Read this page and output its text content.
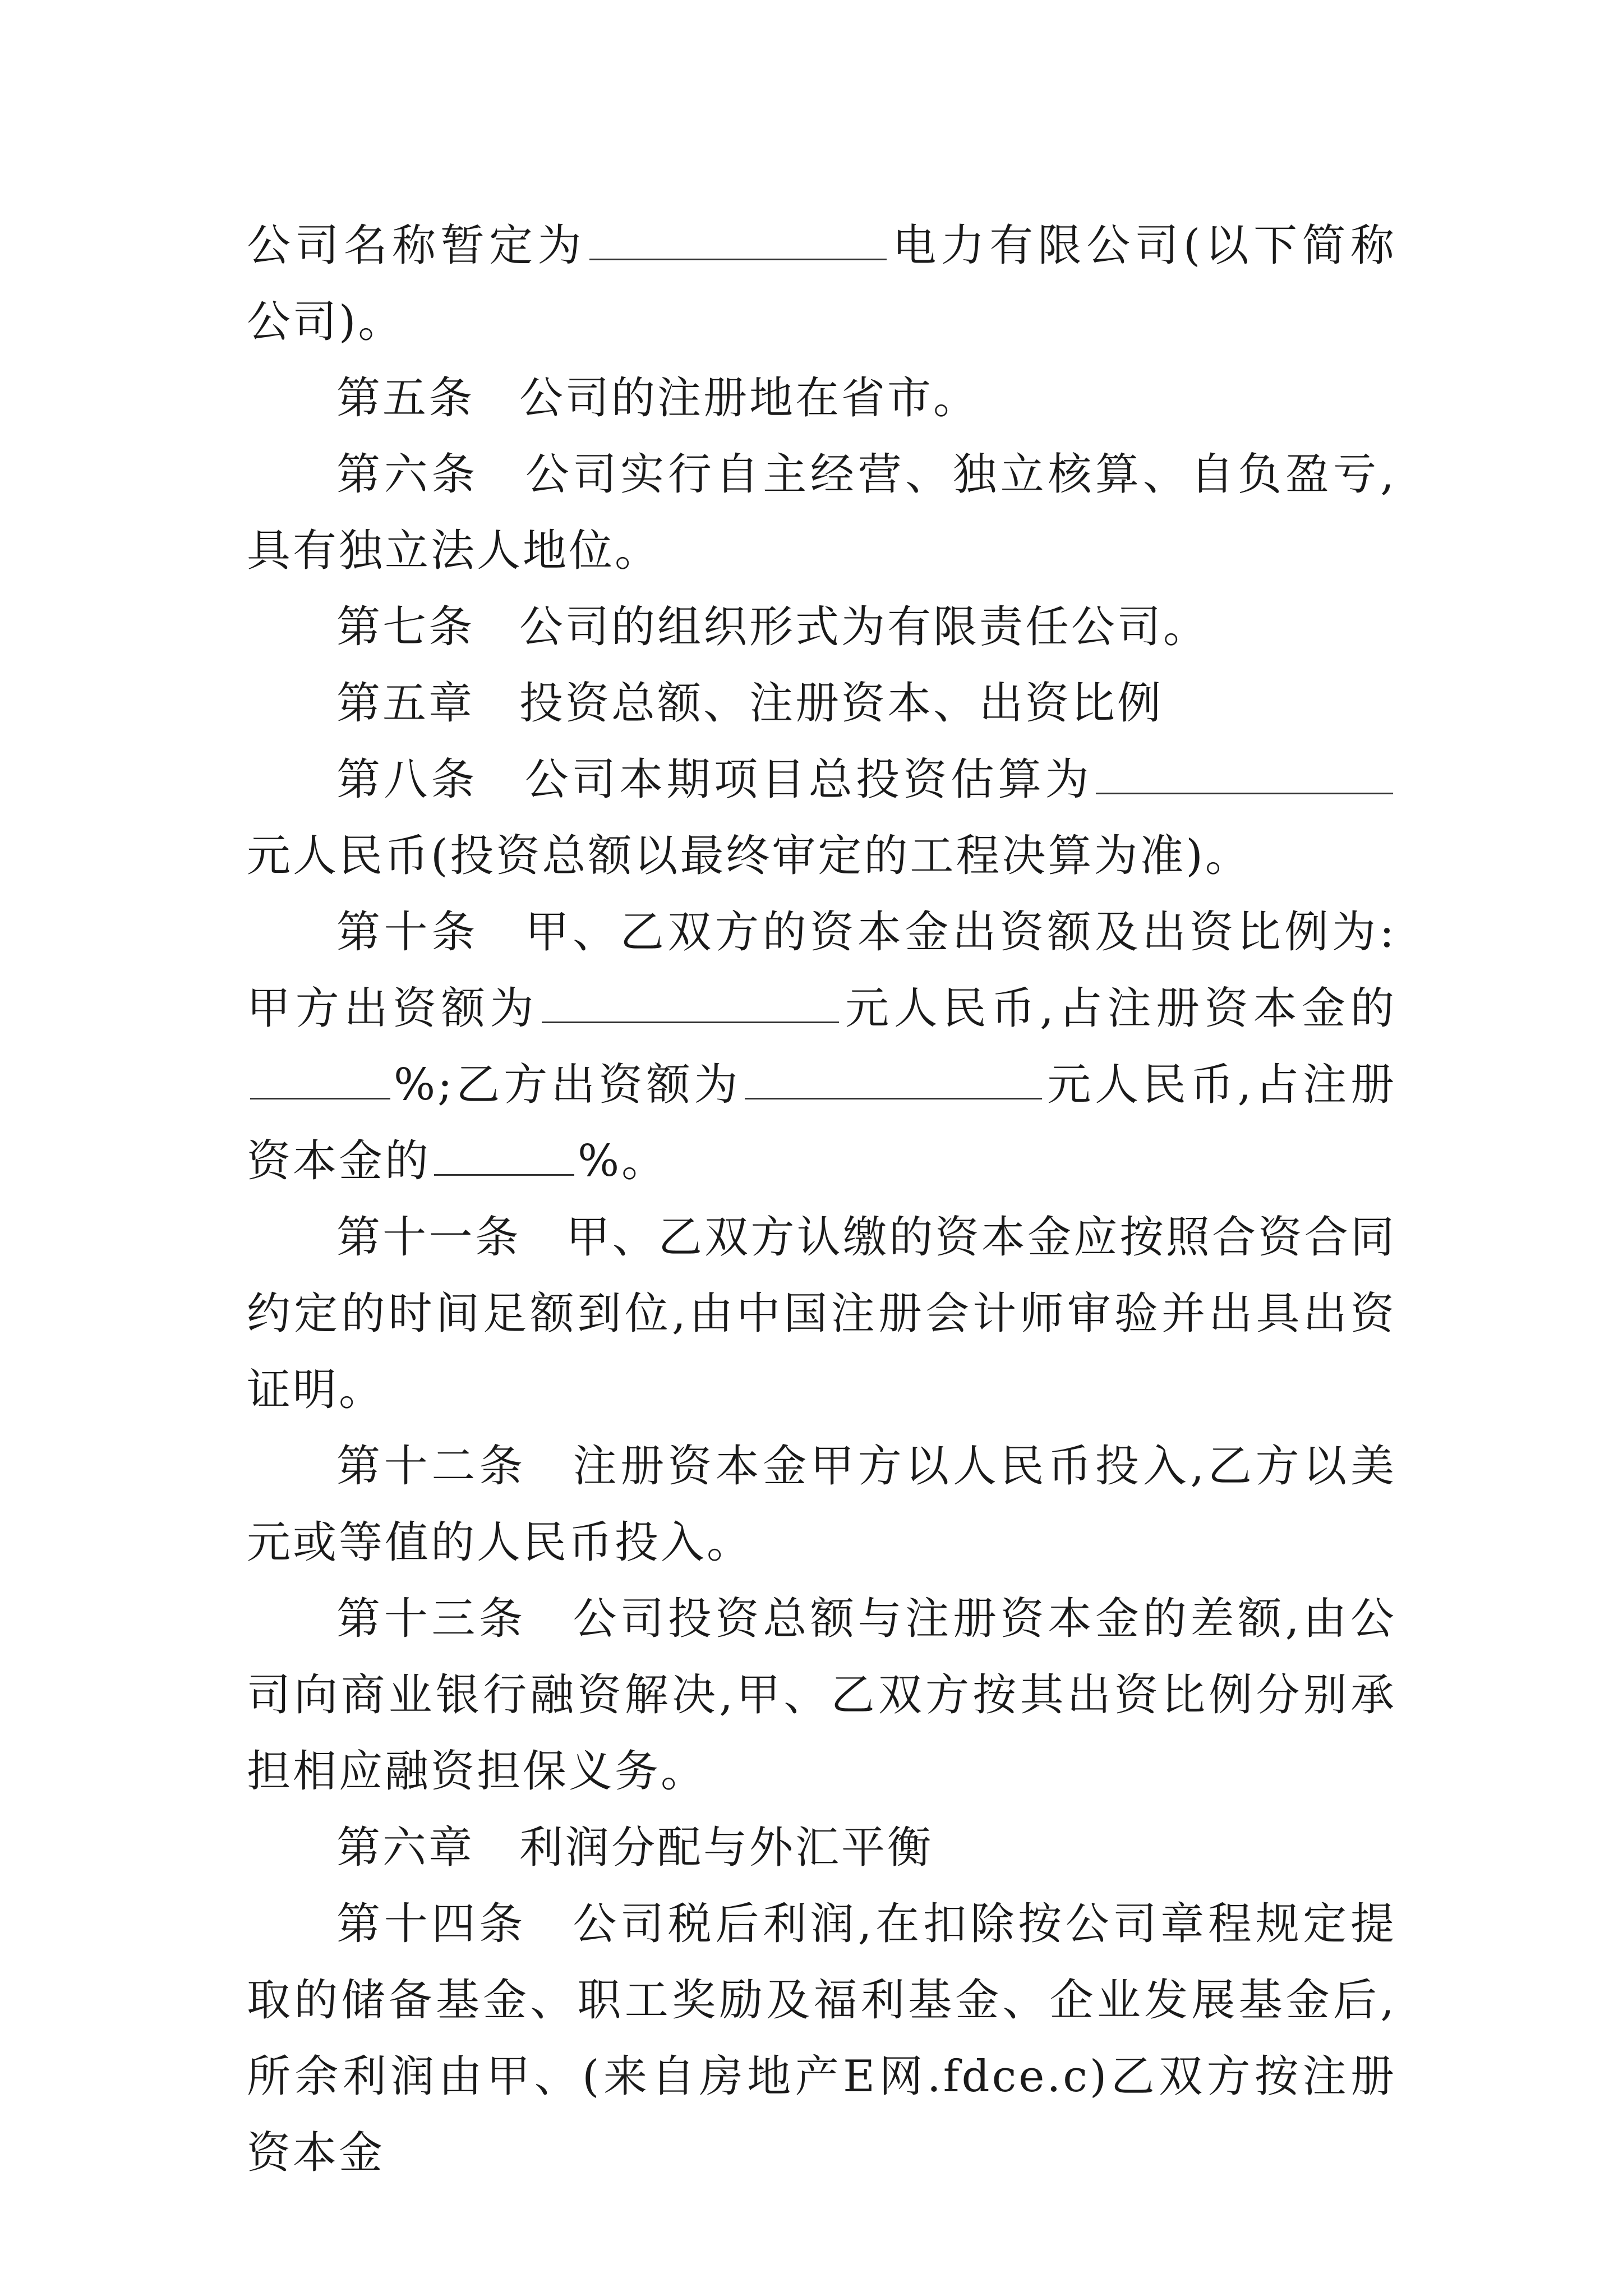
公司名称暂定为	电力有限公司(以下简称公司)。

第五条 公司的注册地在省市。

第六条 公司实行自主经营、独立核算、自负盈亏,具有独立法人地位。

第七条 公司的组织形式为有限责任公司。

第五章 投资总额、注册资本、出资比例

第八条 公司本期项目总投资估算为元人民币(投资总额以最终审定的工程决算为准)。

第十条 甲、乙双方的资本金出资额及出资比例为:甲方出资额为	元人民币,占注册资本金的%;乙方出资额为	元人民币,占注册资本金的	%。

第十一条 甲、乙双方认缴的资本金应按照合资合同约定的时间足额到位,由中国注册会计师审验并出具出资证明。

第十二条 注册资本金甲方以人民币投入,乙方以美元或等值的人民币投入。

第十三条 公司投资总额与注册资本金的差额,由公司向商业银行融资解决,甲、乙双方按其出资比例分别承担相应融资担保义务。

第六章 利润分配与外汇平衡

第十四条 公司税后利润,在扣除按公司章程规定提取的储备基金、职工奖励及福利基金、企业发展基金后,所余利润由甲、(来自房地产E网.fdce.c)乙双方按注册资本金
